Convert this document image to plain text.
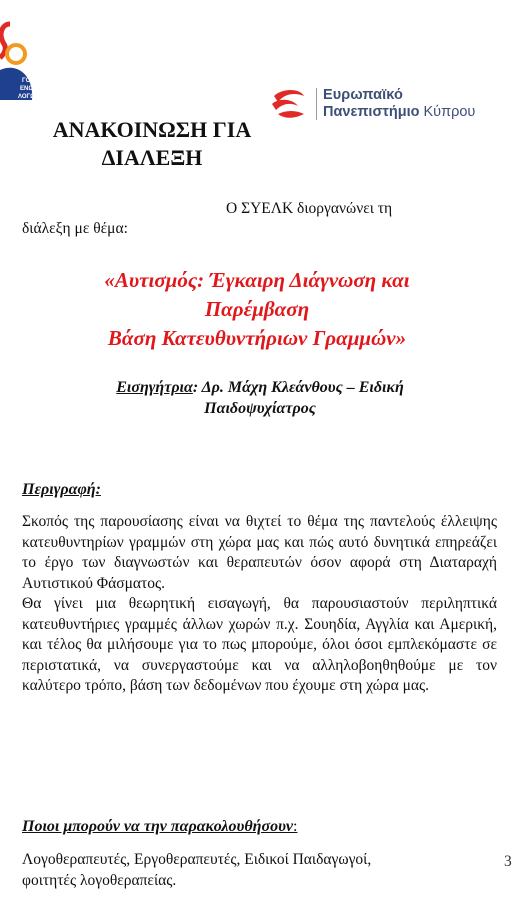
ΓΟΣ
ΕΝΩΝ
ΛΟΓΩΝ	Ευρωπαϊκό
Πανεπιστήμιο Κύπρου
ΑΝΑΚΟΙΝΩΣΗ ΓΙΑ
ΔΙΑΛΕΞΗ
Ο ΣΥΕΛΚ διοργανώνει τη
διάλεξη με θέμα:
«Αυτισμός: Έγκαιρη Διάγνωση και
Παρέμβαση
Βάση Κατευθυντήριων Γραμμών»
Εισηγήτρια: Δρ. Μάχη Κλεάνθους – Ειδική
Παιδοψυχίατρος
Περιγραφή:

Σκοπός της παρουσίασης είναι να θιχτεί το θέμα της παντελούς έλλειψης κατευθυντηρίων γραμμών στη χώρα μας και πώς αυτό δυνητικά επηρεάζει το έργο των διαγνωστών και θεραπευτών όσον αφορά στη Διαταραχή Αυτιστικού Φάσματος.

Θα γίνει μια θεωρητική εισαγωγή, θα παρουσιαστούν περιληπτικά κατευθυντήριες γραμμές άλλων χωρών π.χ. Σουηδία, Αγγλία και Αμερική, και τέλος θα μιλήσουμε για το πως μπορούμε, όλοι όσοι εμπλεκόμαστε σε περιστατικά, να συνεργαστούμε και να αλληλοβοηθηθούμε με τον καλύτερο τρόπο, βάση των δεδομένων που έχουμε στη χώρα μας.

Ποιοι μπορούν να την παρακολουθήσουν:
Λογοθεραπευτές, Εργοθεραπευτές, Ειδικοί Παιδαγωγοί,
φοιτητές λογοθεραπείας.
3
